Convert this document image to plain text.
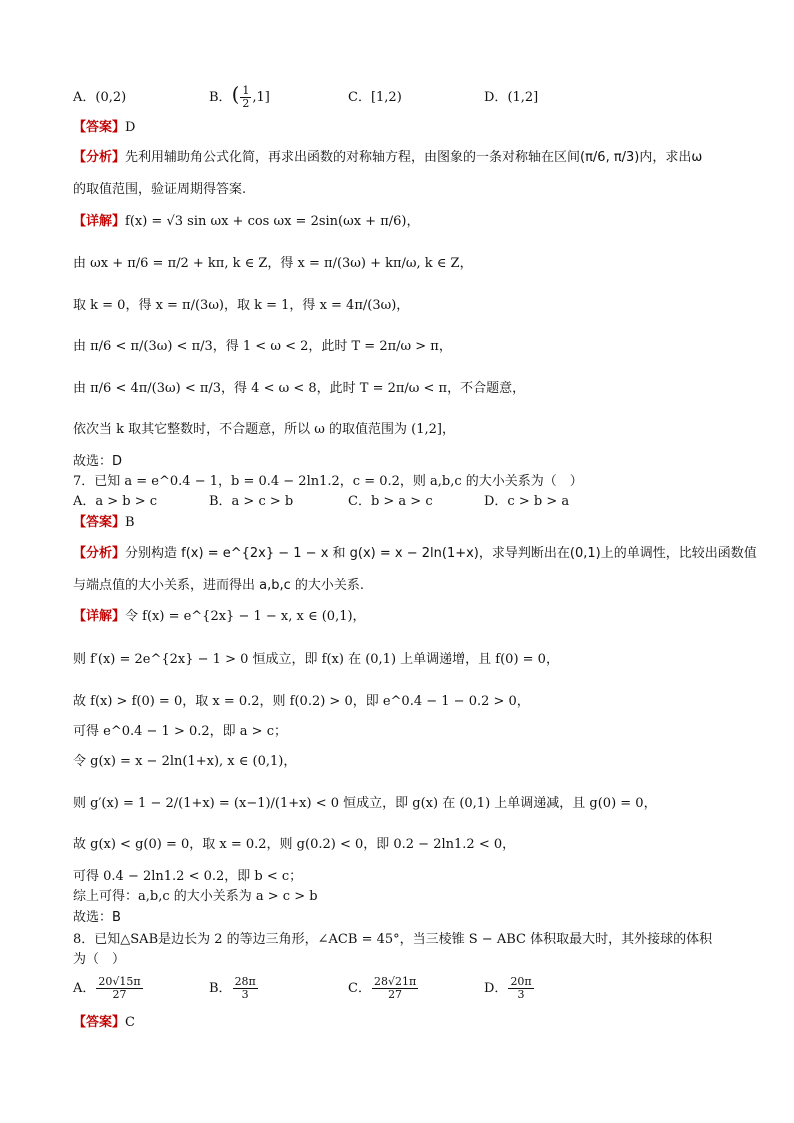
A．(0,2)	B．( $\frac{1}{2} ,1$]	C．[1,2)	D．(1,2]
【答案】D
【分析】先利用辅助角公式化简，再求出函数的对称轴方程，由图象的一条对称轴在区间(π/6, π/3)内，求出ω
的取值范围，验证周期得答案.
【详解】f(x) = √3 sin ωx + cos ωx = 2sin(ωx + π/6)，
由 ωx + π/6 = π/2 + kπ, k ∈ Z，得 x = π/(3ω) + kπ/ω, k ∈ Z，
取 k = 0，得 x = π/(3ω)，取 k = 1，得 x = 4π/(3ω)，
由 π/6 < π/(3ω) < π/3，得 1 < ω < 2，此时 T = 2π/ω > π，
由 π/6 < 4π/(3ω) < π/3，得 4 < ω < 8，此时 T = 2π/ω < π，不合题意，
依次当 k 取其它整数时，不合题意，所以 ω 的取值范围为 (1,2]，
故选：D
7．已知 a = e^0.4 − 1，b = 0.4 − 2ln1.2，c = 0.2，则 a,b,c 的大小关系为（　）
A．a > b > c	B．a > c > b	C．b > a > c	D．c > b > a
【答案】B
【分析】分别构造 f(x) = e^{2x} − 1 − x 和 g(x) = x − 2ln(1+x)，求导判断出在(0,1)上的单调性，比较出函数值
与端点值的大小关系，进而得出 a,b,c 的大小关系.
【详解】令 f(x) = e^{2x} − 1 − x, x ∈ (0,1)，
则 f′(x) = 2e^{2x} − 1 > 0 恒成立，即 f(x) 在 (0,1) 上单调递增，且 f(0) = 0，
故 f(x) > f(0) = 0，取 x = 0.2，则 f(0.2) > 0，即 e^0.4 − 1 − 0.2 > 0，
可得 e^0.4 − 1 > 0.2，即 a > c；
令 g(x) = x − 2ln(1+x), x ∈ (0,1)，
则 g′(x) = 1 − 2/(1+x) = (x−1)/(1+x) < 0 恒成立，即 g(x) 在 (0,1) 上单调递减，且 g(0) = 0，
故 g(x) < g(0) = 0，取 x = 0.2，则 g(0.2) < 0，即 0.2 − 2ln1.2 < 0，
可得 0.4 − 2ln1.2 < 0.2，即 b < c；
综上可得：a,b,c 的大小关系为 a > c > b
故选：B
8．已知△SAB是边长为 2 的等边三角形，∠ACB = 45°，当三棱锥 S − ABC 体积取最大时，其外接球的体积
为（　）
A． $\frac{20√15\pi}{27}$	B． $\frac{28\pi}{3}$	C． $\frac{28√21\pi}{27}$	D． $\frac{20\pi}{3}$
【答案】C
